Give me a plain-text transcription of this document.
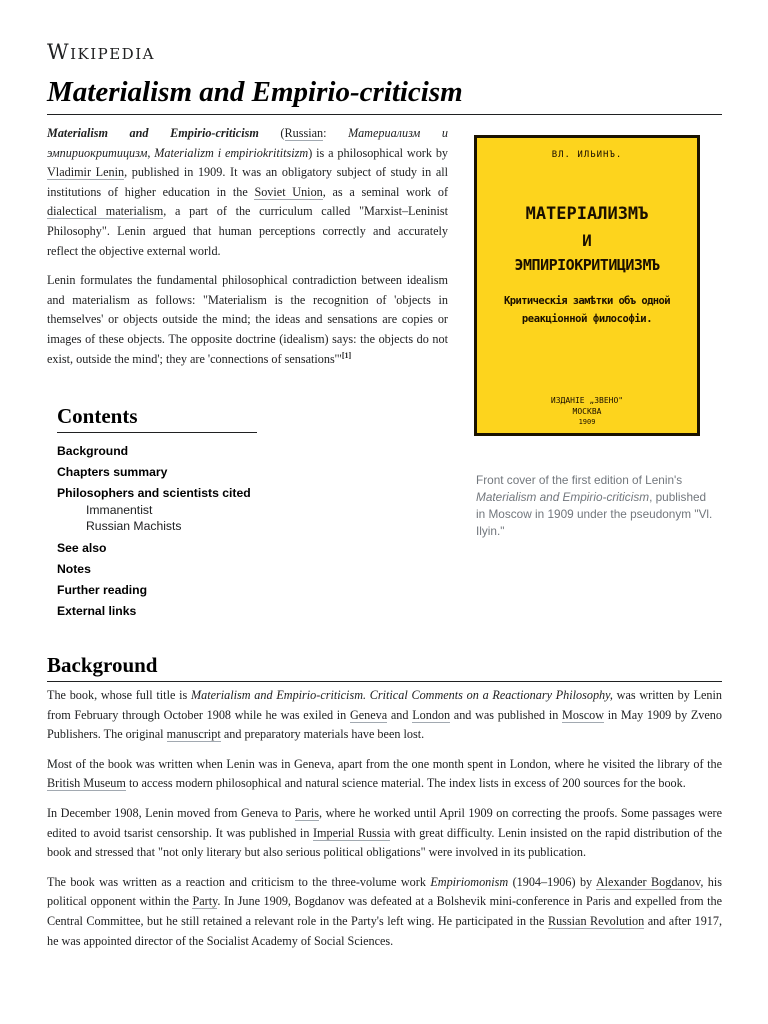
Wikipedia
Materialism and Empirio-criticism

Materialism and Empirio-criticism (Russian: Материализм и эмпириокритицизм, Materializm i empiriokrititsizm) is a philosophical work by Vladimir Lenin, published in 1909. It was an obligatory subject of study in all institutions of higher education in the Soviet Union, as a seminal work of dialectical materialism, a part of the curriculum called "Marxist–Leninist Philosophy". Lenin argued that human perceptions correctly and accurately reflect the objective external world.

Lenin formulates the fundamental philosophical contradiction between idealism and materialism as follows: "Materialism is the recognition of 'objects in themselves' or objects outside the mind; the ideas and sensations are copies or images of these objects. The opposite doctrine (idealism) says: the objects do not exist, outside the mind'; they are 'connections of sensations'"[1]

ВЛ. ИЛЬИНЪ.
МАТЕРІАЛИЗМЪ
И
ЭМПИРІОКРИТИЦИЗМЪ
Критическія замѣтки объ одной
реакціонной философіи.
ИЗДАНІЕ „ЗВЕНО"
МОСКВА
1909
Front cover of the first edition of Lenin's Materialism and Empirio-criticism, published in Moscow in 1909 under the pseudonym "Vl. Ilyin."
Contents
Background
Chapters summary
Philosophers and scientists cited
Immanentist
Russian Machists
See also
Notes
Further reading
External links
Background

The book, whose full title is Materialism and Empirio-criticism. Critical Comments on a Reactionary Philosophy, was written by Lenin from February through October 1908 while he was exiled in Geneva and London and was published in Moscow in May 1909 by Zveno Publishers. The original manuscript and preparatory materials have been lost.

Most of the book was written when Lenin was in Geneva, apart from the one month spent in London, where he visited the library of the British Museum to access modern philosophical and natural science material. The index lists in excess of 200 sources for the book.

In December 1908, Lenin moved from Geneva to Paris, where he worked until April 1909 on correcting the proofs. Some passages were edited to avoid tsarist censorship. It was published in Imperial Russia with great difficulty. Lenin insisted on the rapid distribution of the book and stressed that "not only literary but also serious political obligations" were involved in its publication.

The book was written as a reaction and criticism to the three-volume work Empiriomonism (1904–1906) by Alexander Bogdanov, his political opponent within the Party. In June 1909, Bogdanov was defeated at a Bolshevik mini-conference in Paris and expelled from the Central Committee, but he still retained a relevant role in the Party's left wing. He participated in the Russian Revolution and after 1917, he was appointed director of the Socialist Academy of Social Sciences.
